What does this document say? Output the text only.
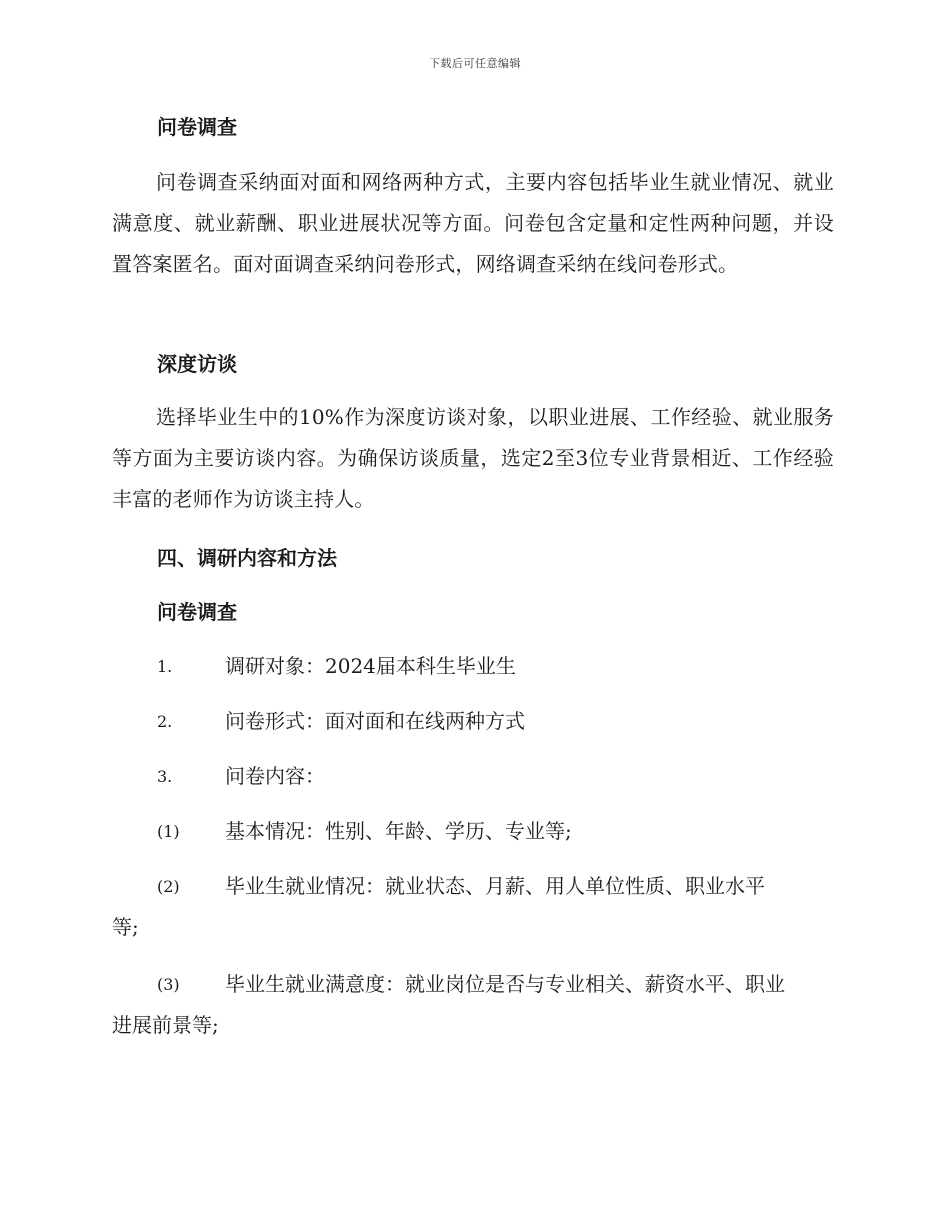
下载后可任意编辑
问卷调查
问卷调查采纳面对面和网络两种方式，主要内容包括毕业生就业情况、就业满意度、就业薪酬、职业进展状况等方面。问卷包含定量和定性两种问题，并设置答案匿名。面对面调查采纳问卷形式，网络调查采纳在线问卷形式。
深度访谈
选择毕业生中的10%作为深度访谈对象，以职业进展、工作经验、就业服务等方面为主要访谈内容。为确保访谈质量，选定2至3位专业背景相近、工作经验丰富的老师作为访谈主持人。
四、调研内容和方法
问卷调查
1.	调研对象：2024届本科生毕业生
2.	问卷形式：面对面和在线两种方式
3.	问卷内容：
(1)	基本情况：性别、年龄、学历、专业等;
(2)	毕业生就业情况：就业状态、月薪、用人单位性质、职业水平
等;
(3)	毕业生就业满意度：就业岗位是否与专业相关、薪资水平、职业
进展前景等;
